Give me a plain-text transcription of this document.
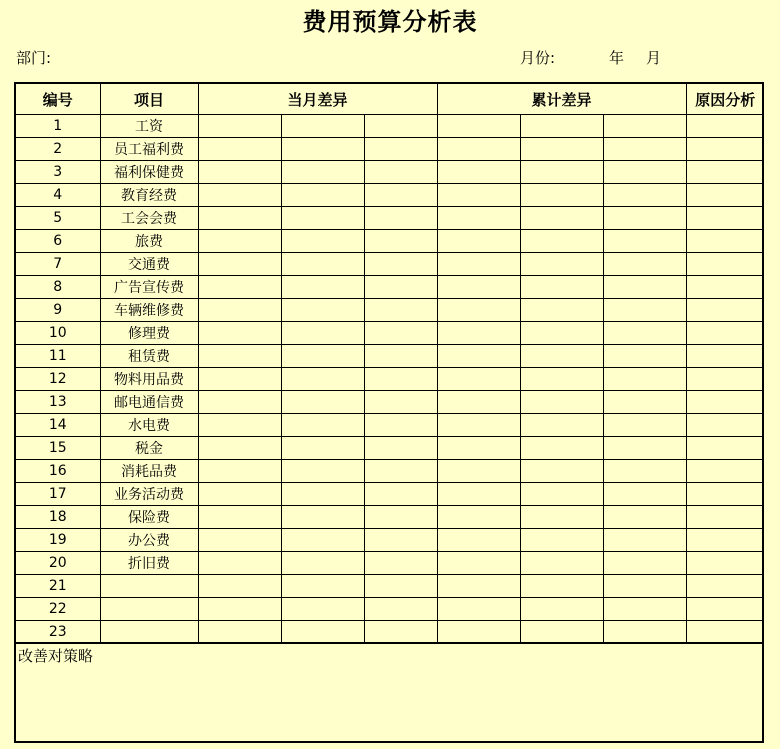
费用预算分析表
部门:	月份:	年 月
编号	项目	当月差异			累计差异			原因分析
1	工资							
2	员工福利费							
3	福利保健费							
4	教育经费							
5	工会会费							
6	旅费							
7	交通费							
8	广告宣传费							
9	车辆维修费							
10	修理费							
11	租赁费							
12	物料用品费							
13	邮电通信费							
14	水电费							
15	税金							
16	消耗品费							
17	业务活动费							
18	保险费							
19	办公费							
20	折旧费							
21								
22								
23								
改善对策略
